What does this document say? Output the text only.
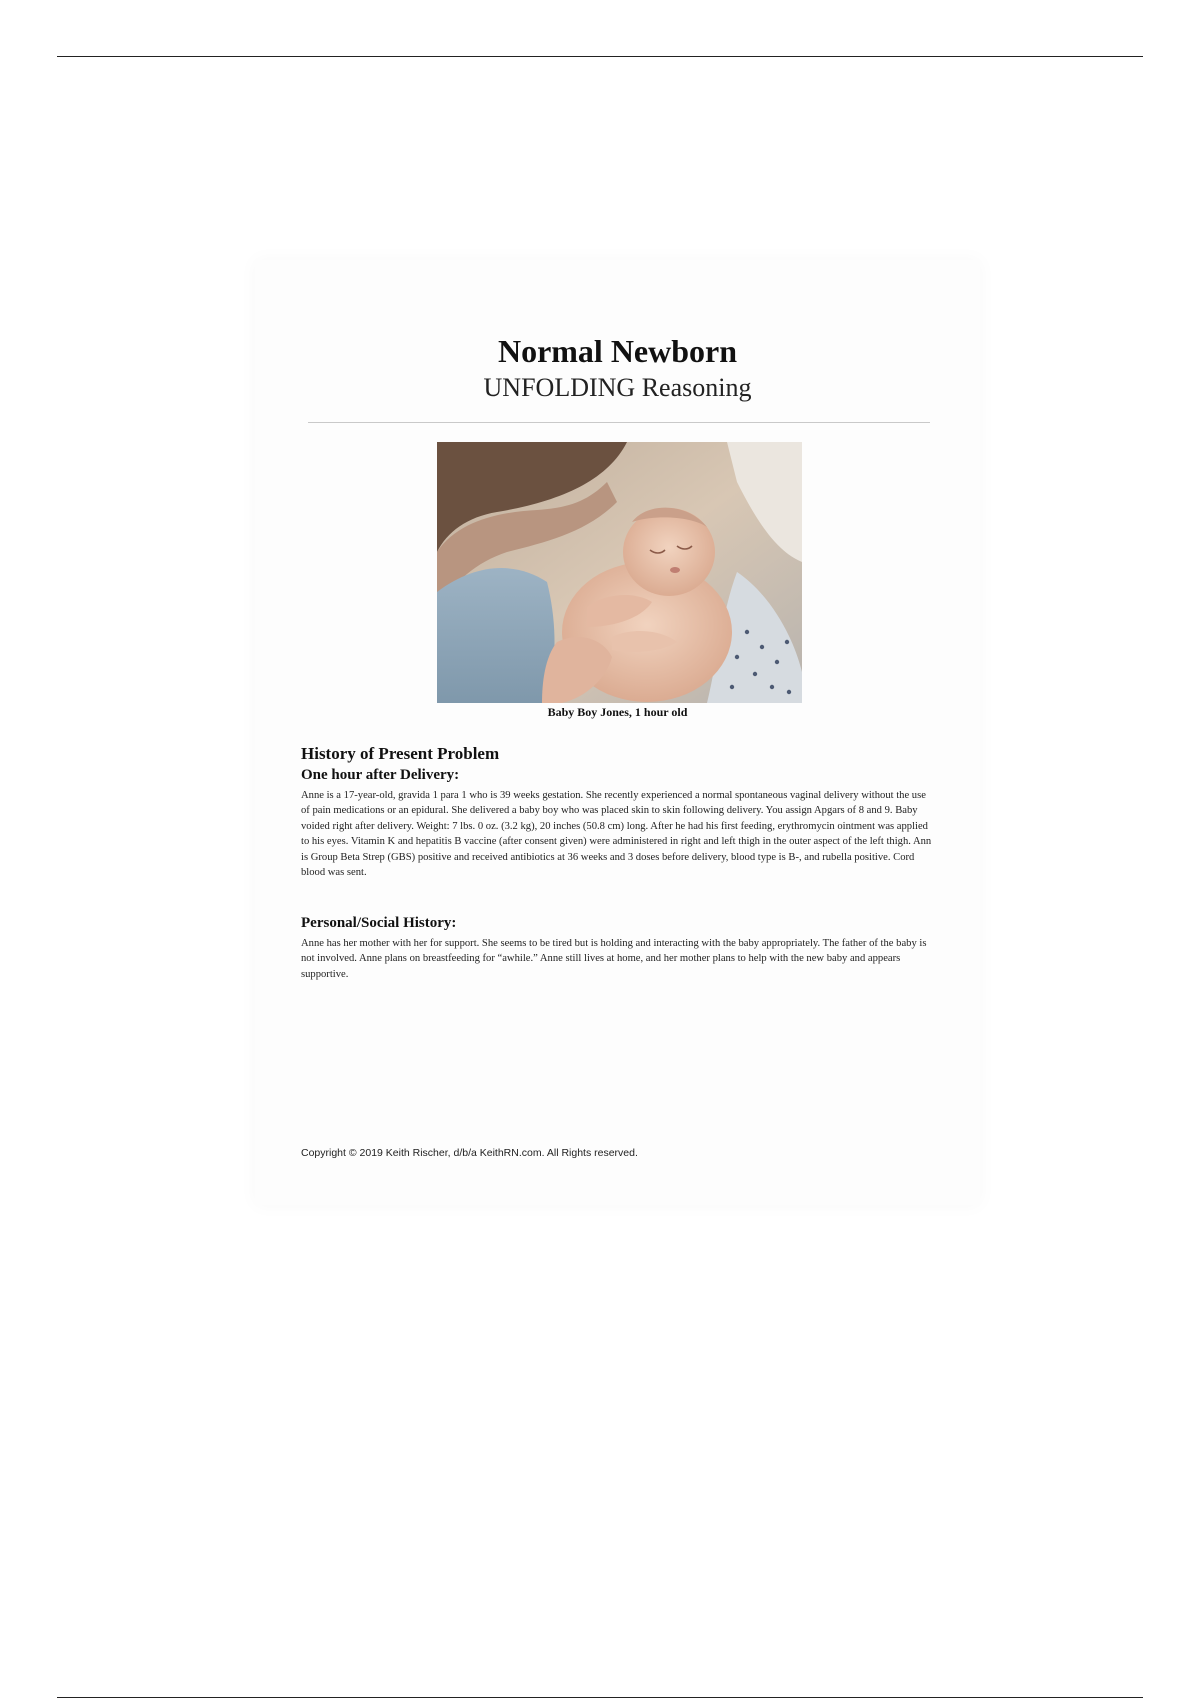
Normal Newborn
UNFOLDING Reasoning
Baby Boy Jones, 1 hour old
History of Present Problem
One hour after Delivery:
Anne is a 17-year-old, gravida 1 para 1 who is 39 weeks gestation. She recently experienced a normal spontaneous vaginal delivery without the use of pain medications or an epidural. She delivered a baby boy who was placed skin to skin following delivery. You assign Apgars of 8 and 9. Baby voided right after delivery. Weight: 7 lbs. 0 oz. (3.2 kg), 20 inches (50.8 cm) long. After he had his first feeding, erythromycin ointment was applied to his eyes. Vitamin K and hepatitis B vaccine (after consent given) were administered in right and left thigh in the outer aspect of the left thigh. Ann is Group Beta Strep (GBS) positive and received antibiotics at 36 weeks and 3 doses before delivery, blood type is B-, and rubella positive. Cord blood was sent.
Personal/Social History:
Anne has her mother with her for support. She seems to be tired but is holding and interacting with the baby appropriately. The father of the baby is not involved. Anne plans on breastfeeding for “awhile.” Anne still lives at home, and her mother plans to help with the new baby and appears supportive.
Copyright © 2019 Keith Rischer, d/b/a KeithRN.com. All Rights reserved.
